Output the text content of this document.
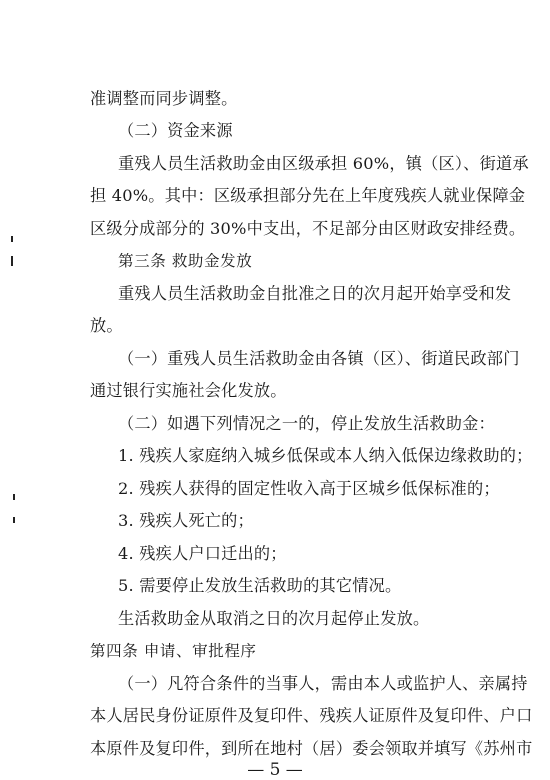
准调整而同步调整。
（二）资金来源
重残人员生活救助金由区级承担 60%，镇（区）、街道承
担 40%。其中：区级承担部分先在上年度残疾人就业保障金
区级分成部分的 30%中支出，不足部分由区财政安排经费。
第三条 救助金发放
重残人员生活救助金自批准之日的次月起开始享受和发
放。
（一）重残人员生活救助金由各镇（区）、街道民政部门
通过银行实施社会化发放。
（二）如遇下列情况之一的，停止发放生活救助金：
1. 残疾人家庭纳入城乡低保或本人纳入低保边缘救助的；
2. 残疾人获得的固定性收入高于区城乡低保标准的；
3. 残疾人死亡的；
4. 残疾人户口迁出的；
5. 需要停止发放生活救助的其它情况。
生活救助金从取消之日的次月起停止发放。
第四条 申请、审批程序
（一）凡符合条件的当事人，需由本人或监护人、亲属持
本人居民身份证原件及复印件、残疾人证原件及复印件、户口
本原件及复印件，到所在地村（居）委会领取并填写《苏州市
— 5 —
